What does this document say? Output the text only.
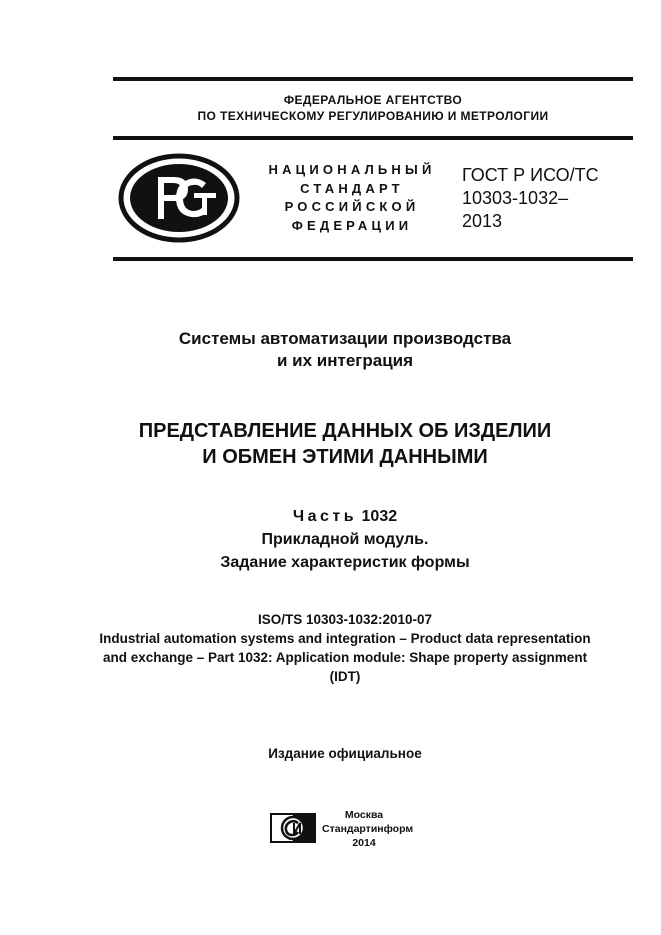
ФЕДЕРАЛЬНОЕ АГЕНТСТВО
ПО ТЕХНИЧЕСКОМУ РЕГУЛИРОВАНИЮ И МЕТРОЛОГИИ
НАЦИОНАЛЬНЫЙ
СТАНДАРТ
РОССИЙСКОЙ
ФЕДЕРАЦИИ
ГОСТ Р ИСО/ТС
10303-1032–
2013
Системы автоматизации производства
и их интеграция
ПРЕДСТАВЛЕНИЕ ДАННЫХ ОБ ИЗДЕЛИИ
И ОБМЕН ЭТИМИ ДАННЫМИ
Часть 1032
Прикладной модуль.
Задание характеристик формы
ISO/TS 10303-1032:2010-07
Industrial automation systems and integration – Product data representation
and exchange – Part 1032: Application module: Shape property assignment
(IDT)
Издание официальное
Москва
Стандартинформ
2014
